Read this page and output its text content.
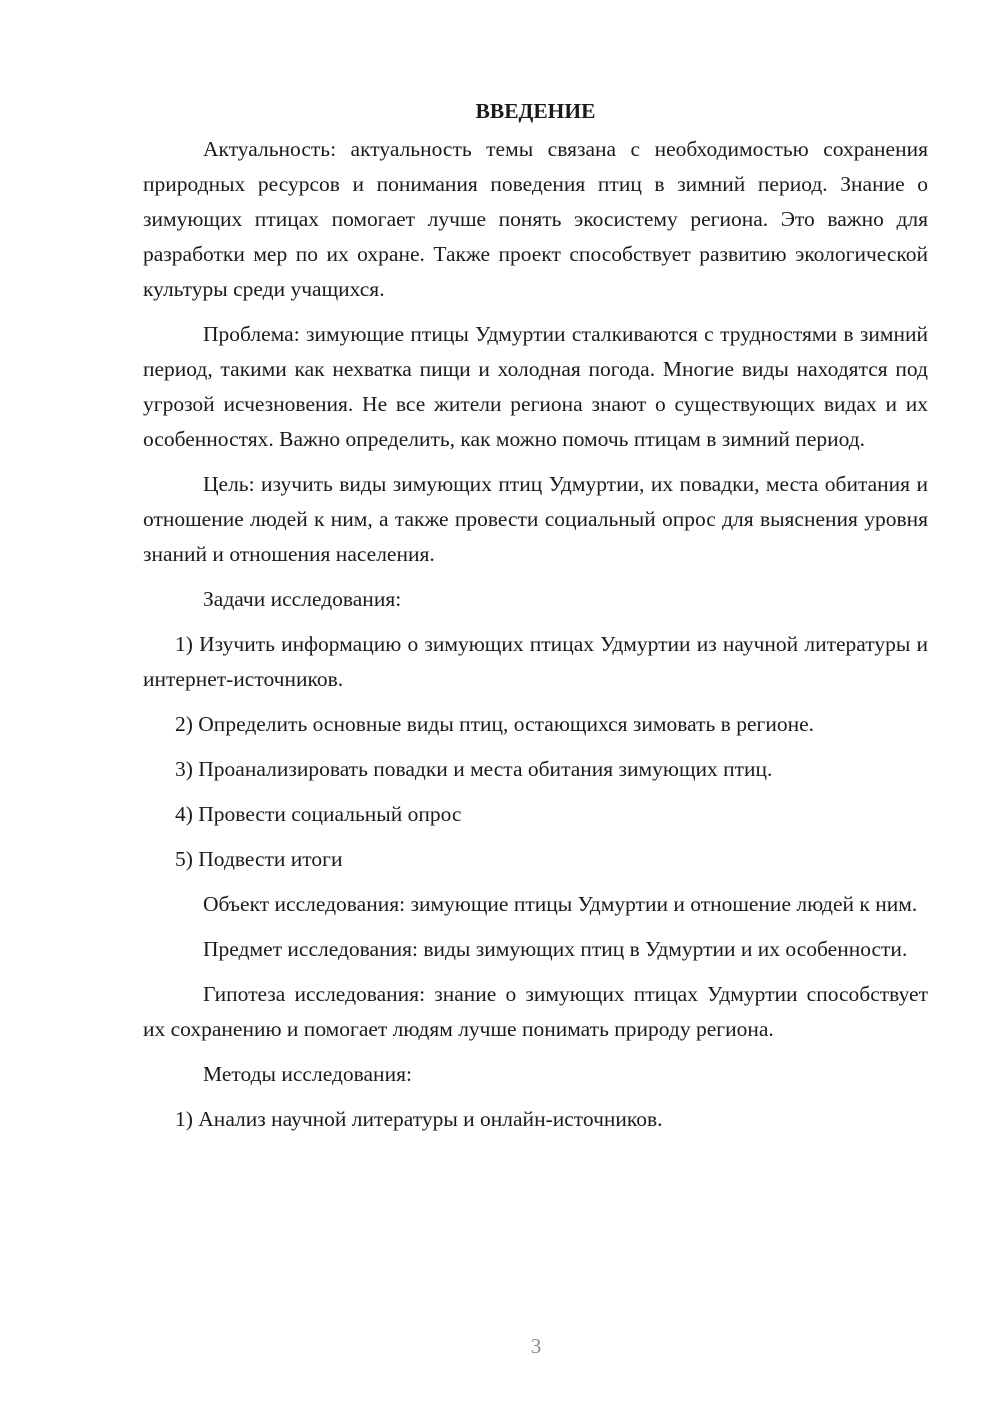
ВВЕДЕНИЕ

Актуальность: актуальность темы связана с необходимостью сохранения природных ресурсов и понимания поведения птиц в зимний период. Знание о зимующих птицах помогает лучше понять экосистему региона. Это важно для разработки мер по их охране. Также проект способствует развитию экологической культуры среди учащихся.

Проблема: зимующие птицы Удмуртии сталкиваются с трудностями в зимний период, такими как нехватка пищи и холодная погода. Многие виды находятся под угрозой исчезновения. Не все жители региона знают о существующих видах и их особенностях. Важно определить, как можно помочь птицам в зимний период.

Цель: изучить виды зимующих птиц Удмуртии, их повадки, места обитания и отношение людей к ним, а также провести социальный опрос для выяснения уровня знаний и отношения населения.

Задачи исследования:

1) Изучить информацию о зимующих птицах Удмуртии из научной литературы и интернет-источников.

2) Определить основные виды птиц, остающихся зимовать в регионе.

3) Проанализировать повадки и места обитания зимующих птиц.

4) Провести социальный опрос

5) Подвести итоги

Объект исследования: зимующие птицы Удмуртии и отношение людей к ним.

Предмет исследования: виды зимующих птиц в Удмуртии и их особенности.

Гипотеза исследования: знание о зимующих птицах Удмуртии способствует их сохранению и помогает людям лучше понимать природу региона.

Методы исследования:

1) Анализ научной литературы и онлайн-источников.

3
